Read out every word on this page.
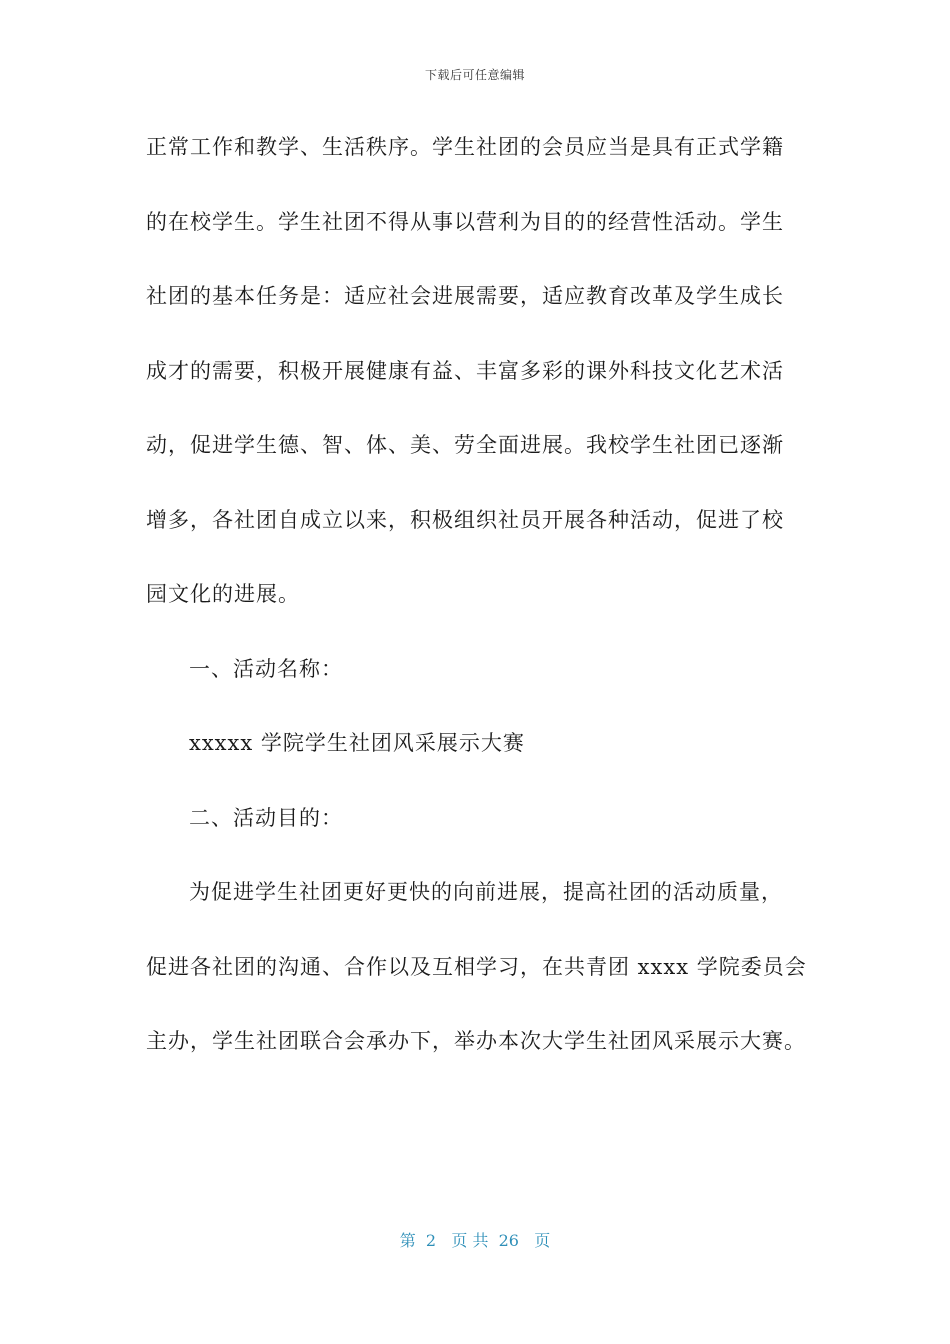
下载后可任意编辑
正常工作和教学、生活秩序。学生社团的会员应当是具有正式学籍
的在校学生。学生社团不得从事以营利为目的的经营性活动。学生
社团的基本任务是：适应社会进展需要，适应教育改革及学生成长
成才的需要，积极开展健康有益、丰富多彩的课外科技文化艺术活
动，促进学生德、智、体、美、劳全面进展。我校学生社团已逐渐
增多，各社团自成立以来，积极组织社员开展各种活动，促进了校
园文化的进展。
一、活动名称：
xxxxx 学院学生社团风采展示大赛
二、活动目的：
为促进学生社团更好更快的向前进展，提高社团的活动质量，
促进各社团的沟通、合作以及互相学习，在共青团 xxxx 学院委员会
主办，学生社团联合会承办下，举办本次大学生社团风采展示大赛。
第  2   页 共  26   页
